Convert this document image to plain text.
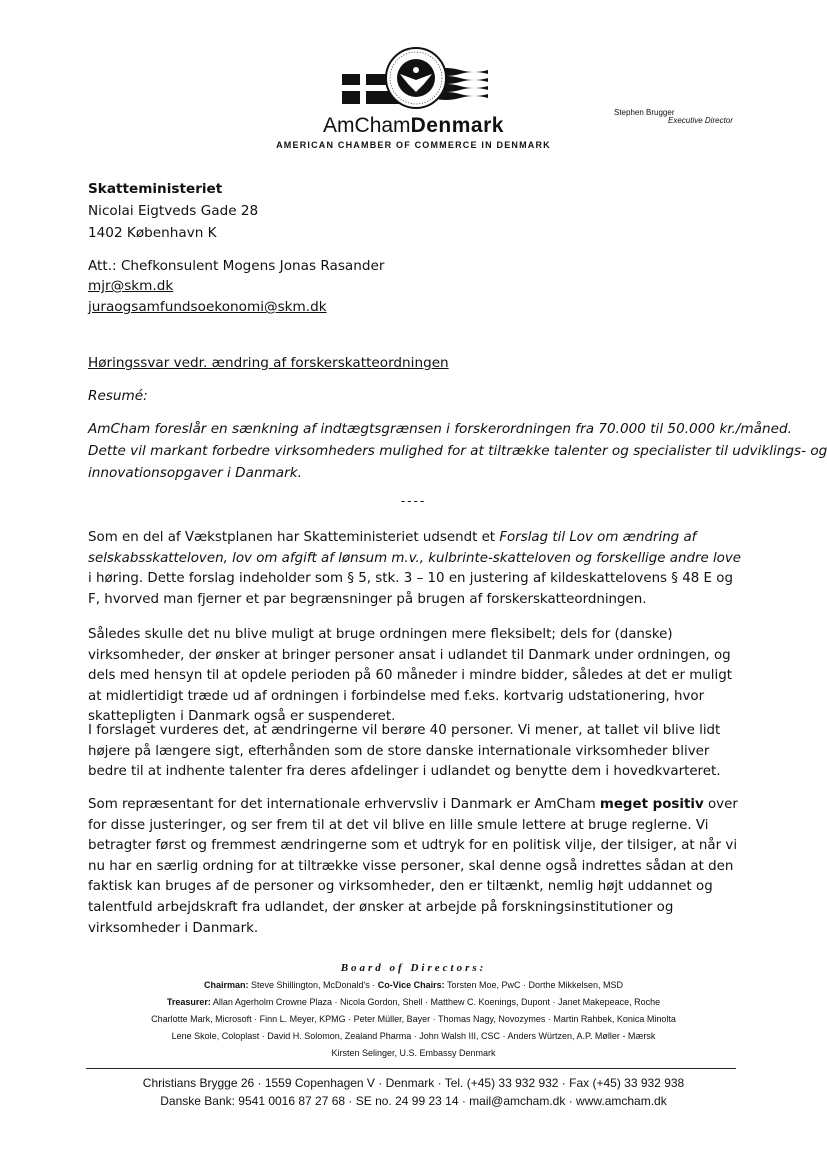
AmChamDenmark
AMERICAN CHAMBER OF COMMERCE IN DENMARK
Stephen Brugger
Executive Director
Skatteministeriet
Nicolai Eigtveds Gade 28
1402 København K
Att.: Chefkonsulent Mogens Jonas Rasander
mjr@skm.dk
juraogsamfundsoekonomi@skm.dk
Høringssvar vedr. ændring af forskerskatteordningen
Resumé:
AmCham foreslår en sænkning af indtægtsgrænsen i forskerordningen fra 70.000 til 50.000 kr./måned.
Dette vil markant forbedre virksomheders mulighed for at tiltrække talenter og specialister til udviklings- og
innovationsopgaver i Danmark.
----

Som en del af Vækstplanen har Skatteministeriet udsendt et Forslag til Lov om ændring af selskabsskatteloven, lov om afgift af lønsum m.v., kulbrinte-skatteloven og forskellige andre love i høring. Dette forslag indeholder som § 5, stk. 3 – 10 en justering af kildeskattelovens § 48 E og F, hvorved man fjerner et par begrænsninger på brugen af forskerskatteordningen.

Således skulle det nu blive muligt at bruge ordningen mere fleksibelt; dels for (danske) virksomheder, der ønsker at bringer personer ansat i udlandet til Danmark under ordningen, og dels med hensyn til at opdele perioden på 60 måneder i mindre bidder, således at det er muligt at midlertidigt træde ud af ordningen i forbindelse med f.eks. kortvarig udstationering, hvor skattepligten i Danmark også er suspenderet.

I forslaget vurderes det, at ændringerne vil berøre 40 personer. Vi mener, at tallet vil blive lidt højere på længere sigt, efterhånden som de store danske internationale virksomheder bliver bedre til at indhente talenter fra deres afdelinger i udlandet og benytte dem i hovedkvarteret.

Som repræsentant for det internationale erhvervsliv i Danmark er AmCham meget positiv over for disse justeringer, og ser frem til at det vil blive en lille smule lettere at bruge reglerne. Vi betragter først og fremmest ændringerne som et udtryk for en politisk vilje, der tilsiger, at når vi nu har en særlig ordning for at tiltrække visse personer, skal denne også indrettes sådan at den faktisk kan bruges af de personer og virksomheder, den er tiltænkt, nemlig højt uddannet og talentfuld arbejdskraft fra udlandet, der ønsker at arbejde på forskningsinstitutioner og virksomheder i Danmark.

Board of Directors:
Chairman: Steve Shillington, McDonald's · Co-Vice Chairs: Torsten Moe, PwC · Dorthe Mikkelsen, MSD
Treasurer: Allan Agerholm Crowne Plaza · Nicola Gordon, Shell · Matthew C. Koenings, Dupont · Janet Makepeace, Roche
Charlotte Mark, Microsoft · Finn L. Meyer, KPMG · Peter Müller, Bayer · Thomas Nagy, Novozymes · Martin Rahbek, Konica Minolta
Lene Skole, Coloplast · David H. Solomon, Zealand Pharma · John Walsh III, CSC · Anders Würtzen, A.P. Møller - Mærsk
Kirsten Selinger, U.S. Embassy Denmark
Christians Brygge 26 · 1559 Copenhagen V · Denmark · Tel. (+45) 33 932 932 · Fax (+45) 33 932 938
Danske Bank: 9541 0016 87 27 68 · SE no. 24 99 23 14 · mail@amcham.dk · www.amcham.dk
